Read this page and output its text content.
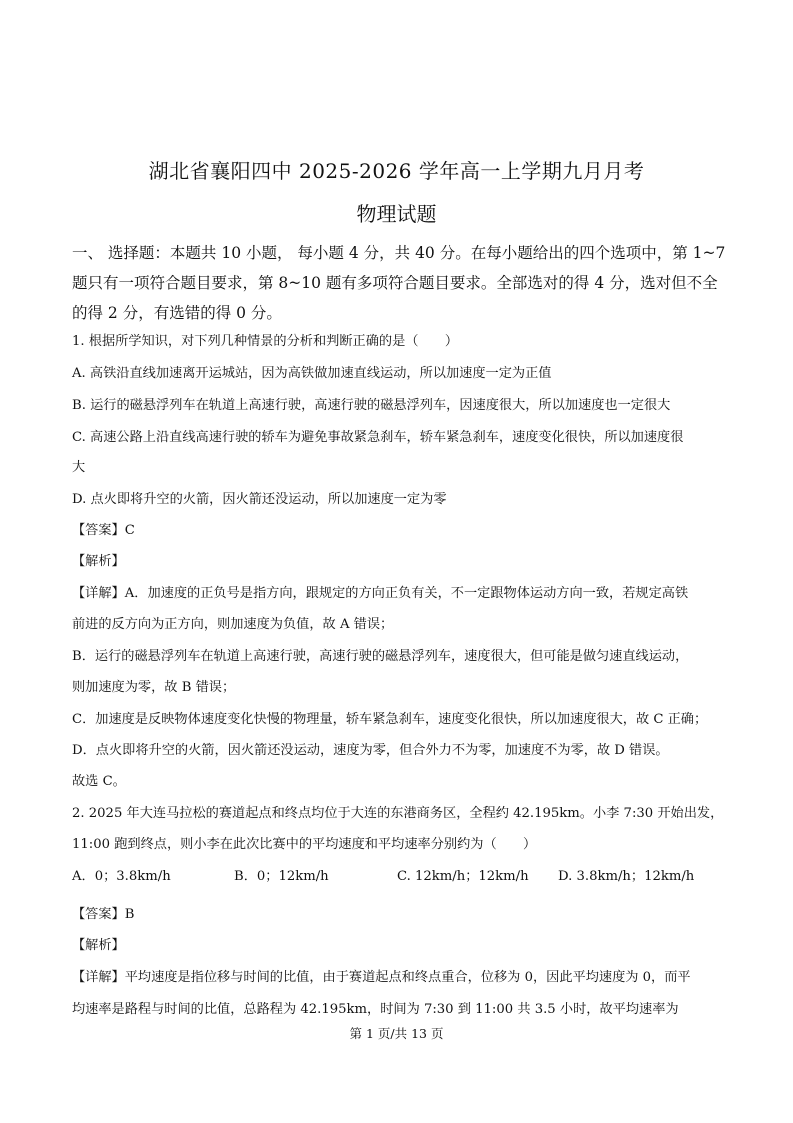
湖北省襄阳四中 2025-2026 学年高一上学期九月月考
物理试题
一、 选择题：本题共 10 小题， 每小题 4 分，共 40 分。在每小题给出的四个选项中，第 1~7
题只有一项符合题目要求，第 8~10 题有多项符合题目要求。全部选对的得 4 分，选对但不全
的得 2 分，有选错的得 0 分。
1. 根据所学知识，对下列几种情景的分析和判断正确的是（　　）
A. 高铁沿直线加速离开运城站，因为高铁做加速直线运动，所以加速度一定为正值
B. 运行的磁悬浮列车在轨道上高速行驶，高速行驶的磁悬浮列车，因速度很大，所以加速度也一定很大
C. 高速公路上沿直线高速行驶的轿车为避免事故紧急刹车，轿车紧急刹车，速度变化很快，所以加速度很
大
D. 点火即将升空的火箭，因火箭还没运动，所以加速度一定为零
【答案】C
【解析】
【详解】A．加速度的正负号是指方向，跟规定的方向正负有关，不一定跟物体运动方向一致，若规定高铁
前进的反方向为正方向，则加速度为负值，故 A 错误；
B．运行的磁悬浮列车在轨道上高速行驶，高速行驶的磁悬浮列车，速度很大，但可能是做匀速直线运动，
则加速度为零，故 B 错误；
C．加速度是反映物体速度变化快慢的物理量，轿车紧急刹车，速度变化很快，所以加速度很大，故 C 正确；
D．点火即将升空的火箭，因火箭还没运动，速度为零，但合外力不为零，加速度不为零，故 D 错误。
故选 C。
2. 2025 年大连马拉松的赛道起点和终点均位于大连的东港商务区，全程约 42.195km。小李 7:30 开始出发，
11:00 跑到终点，则小李在此次比赛中的平均速度和平均速率分别约为（　　）
A．0；3.8km/h	B．0；12km/h	C. 12km/h；12km/h D. 3.8km/h；12km/h
【答案】B
【解析】
【详解】平均速度是指位移与时间的比值，由于赛道起点和终点重合，位移为 0，因此平均速度为 0，而平
均速率是路程与时间的比值，总路程为 42.195km，时间为 7:30 到 11:00 共 3.5 小时，故平均速率为
第 1 页/共 13 页
